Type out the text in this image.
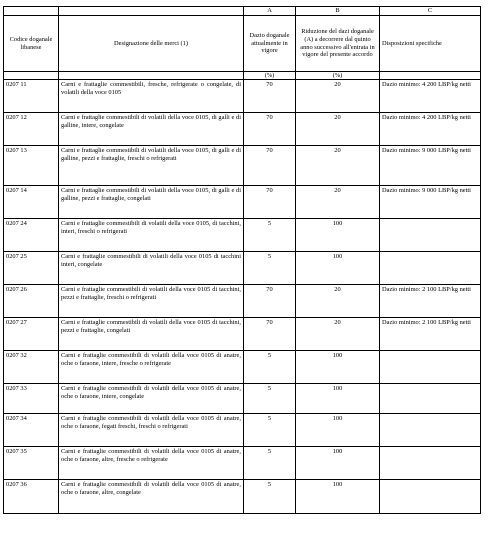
		A	B	C
Codice doganale libanese	Designazione delle merci (1)	Dazio doganale attualmente in vigore	Riduzione del dazi doganale (A) a decorrere dal quinto anno successivo all'entrata in vigore del presente accordo	Disposizioni specifiche
		(%)	(%)	
0207 11	Carni e frattaglie commestibili, fresche, refrigerate o congelate, di volatili della voce 0105	70	20	Dazio minimo: 4 200 LBP/kg netti
0207 12	Carni e frattaglie commestibili di volatili della voce 0105, di galli e di galline, intere, congelate	70	20	Dazio minimo: 4 200 LBP/kg netti
0207 13	Carni e frattaglie commestibili di volatili della voce 0105, di galli e di galline, pezzi e frattaglie, freschi o refrigerati	70	20	Dazio minimo: 9 000 LBP/kg netti
0207 14	Carni e frattaglie commestibili di volatili della voce 0105, di galli e di galline, pezzi e frattaglie, congelati	70	20	Dazio minimo: 9 000 LBP/kg netti
0207 24	Carni e frattaglie commestibili di volatili della voce 0105, di tacchini, interi, freschi o refrigerati	5	100	
0207 25	Carni e frattaglie commestibili di volatili della voce 0105 di tacchini interi, congelate	5	100	
0207 26	Carni e frattaglie commestibili di volatili della voce 0105 di tacchini, pezzi e frattaglie, freschi o refrigerati	70	20	Dazio minimo: 2 100 LBP/kg netti
0207 27	Carni e frattaglie commestibili di volatili della voce 0105 di tacchini, pezzi e frattaglie, congelati	70	20	Dazio minimo: 2 100 LBP/kg netti
0207 32	Carni e frattaglie commestibili di volatili della voce 0105 di anatre, oche o faraone, intere, fresche o refrigerate	5	100	
0207 33	Carni e frattaglie commestibili di volatili della voce 0105 di anatre, oche o faraone, intere, congelate	5	100	
0207 34	Carni e frattaglie commestibili di volatili della voce 0105 di anatre, oche o faraone, fegati freschi, freschi o refrigerati	5	100	
0207 35	Carni e frattaglie commestibili di volatili della voce 0105 di anatre, oche o faraone, altre, fresche o refrigerate	5	100	
0207 36	Carni e frattaglie commestibili di volatili della voce 0105 di anatre, oche o faraone, altre, congelate	5	100	
